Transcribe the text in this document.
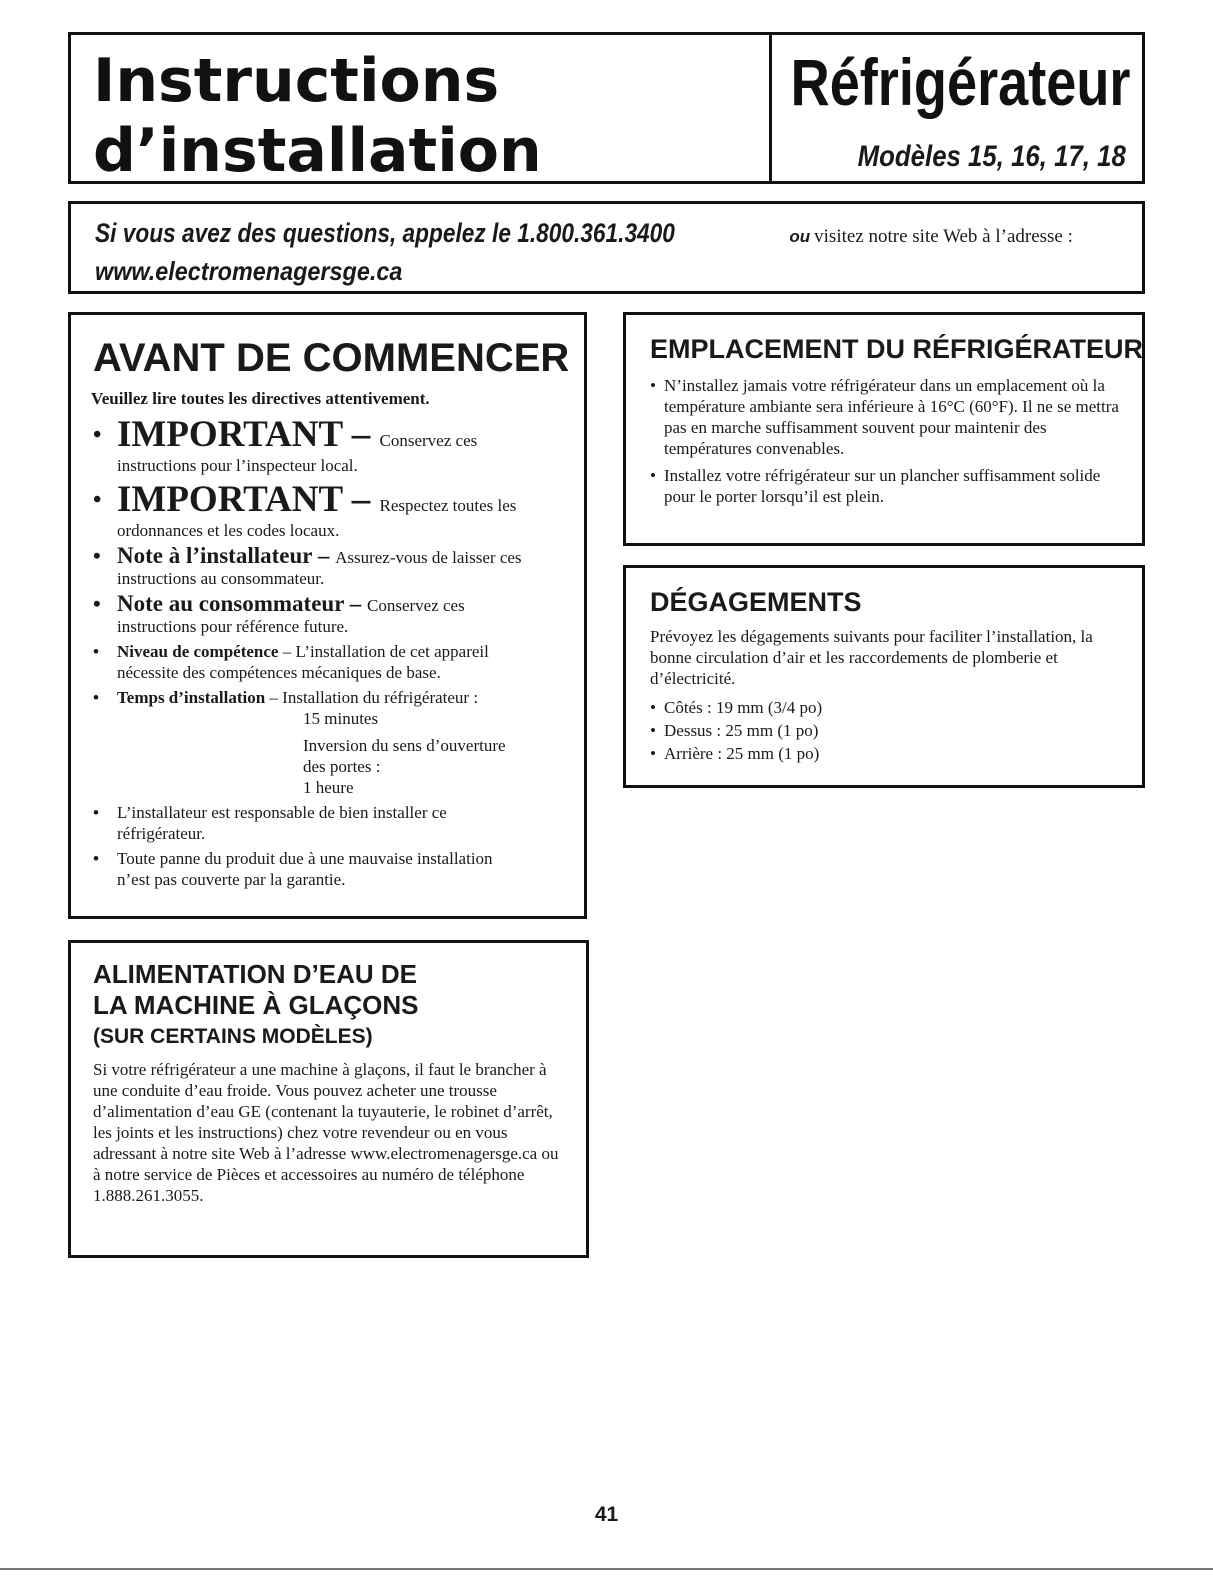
Instructions
d’installation
Réfrigérateur
Modèles 15, 16, 17, 18
Si vous avez des questions, appelez le 1.800.361.3400	ou visitez notre site Web à l’adresse :
www.electromenagersge.ca
AVANT DE COMMENCER
Veuillez lire toutes les directives attentivement.
• IMPORTANT – Conservez ces
instructions pour l’inspecteur local.
• IMPORTANT – Respectez toutes les
ordonnances et les codes locaux.
• Note à l’installateur – Assurez-vous de laisser ces
instructions au consommateur.
• Note au consommateur – Conservez ces
instructions pour référence future.
• Niveau de compétence – L’installation de cet appareil
nécessite des compétences mécaniques de base.
• Temps d’installation – Installation du réfrigérateur :
15 minutes
Inversion du sens d’ouverture
des portes :
1 heure
• L’installateur est responsable de bien installer ce réfrigérateur.
• Toute panne du produit due à une mauvaise installation n’est pas couverte par la garantie.
EMPLACEMENT DU RÉFRIGÉRATEUR
• N’installez jamais votre réfrigérateur dans un emplacement où la température ambiante sera inférieure à 16°C (60°F). Il ne se mettra pas en marche suffisamment souvent pour maintenir des températures convenables.
• Installez votre réfrigérateur sur un plancher suffisamment solide pour le porter lorsqu’il est plein.
DÉGAGEMENTS
Prévoyez les dégagements suivants pour faciliter l’installation, la bonne circulation d’air et les raccordements de plomberie et d’électricité.
• Côtés : 19 mm (3/4 po)
• Dessus : 25 mm (1 po)
• Arrière : 25 mm (1 po)
ALIMENTATION D’EAU DE
LA MACHINE À GLAÇONS
(SUR CERTAINS MODÈLES)
Si votre réfrigérateur a une machine à glaçons, il faut le brancher à une conduite d’eau froide. Vous pouvez acheter une trousse d’alimentation d’eau GE (contenant la tuyauterie, le robinet d’arrêt, les joints et les instructions) chez votre revendeur ou en vous adressant à notre site Web à l’adresse www.electromenagersge.ca ou à notre service de Pièces et accessoires au numéro de téléphone 1.888.261.3055.
41
